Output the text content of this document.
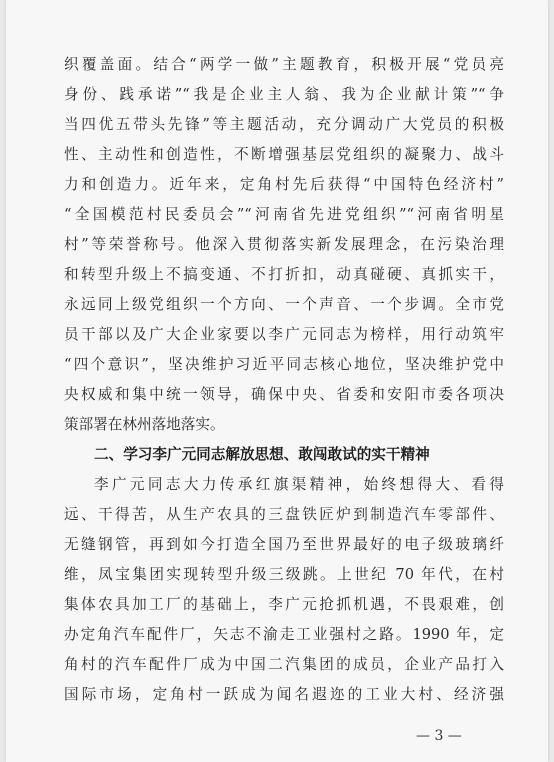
织覆盖面。结合“两学一做”主题教育，积极开展“党员亮
身份、践承诺”“我是企业主人翁、我为企业献计策”“争
当四优五带头先锋”等主题活动，充分调动广大党员的积极
性、主动性和创造性，不断增强基层党组织的凝聚力、战斗
力和创造力。近年来，定角村先后获得“中国特色经济村”
“全国模范村民委员会”“河南省先进党组织”“河南省明星
村”等荣誉称号。他深入贯彻落实新发展理念，在污染治理
和转型升级上不搞变通、不打折扣，动真碰硬、真抓实干，
永远同上级党组织一个方向、一个声音、一个步调。全市党
员干部以及广大企业家要以李广元同志为榜样，用行动筑牢
“四个意识”，坚决维护习近平同志核心地位，坚决维护党中
央权威和集中统一领导，确保中央、省委和安阳市委各项决
策部署在林州落地落实。
二、学习李广元同志解放思想、敢闯敢试的实干精神
李广元同志大力传承红旗渠精神，始终想得大、看得
远、干得苦，从生产农具的三盘铁匠炉到制造汽车零部件、
无缝钢管，再到如今打造全国乃至世界最好的电子级玻璃纤
维，凤宝集团实现转型升级三级跳。上世纪 70 年代，在村
集体农具加工厂的基础上，李广元抢抓机遇，不畏艰难，创
办定角汽车配件厂，矢志不渝走工业强村之路。1990 年，定
角村的汽车配件厂成为中国二汽集团的成员，企业产品打入
国际市场，定角村一跃成为闻名遐迩的工业大村、经济强
— 3 —
